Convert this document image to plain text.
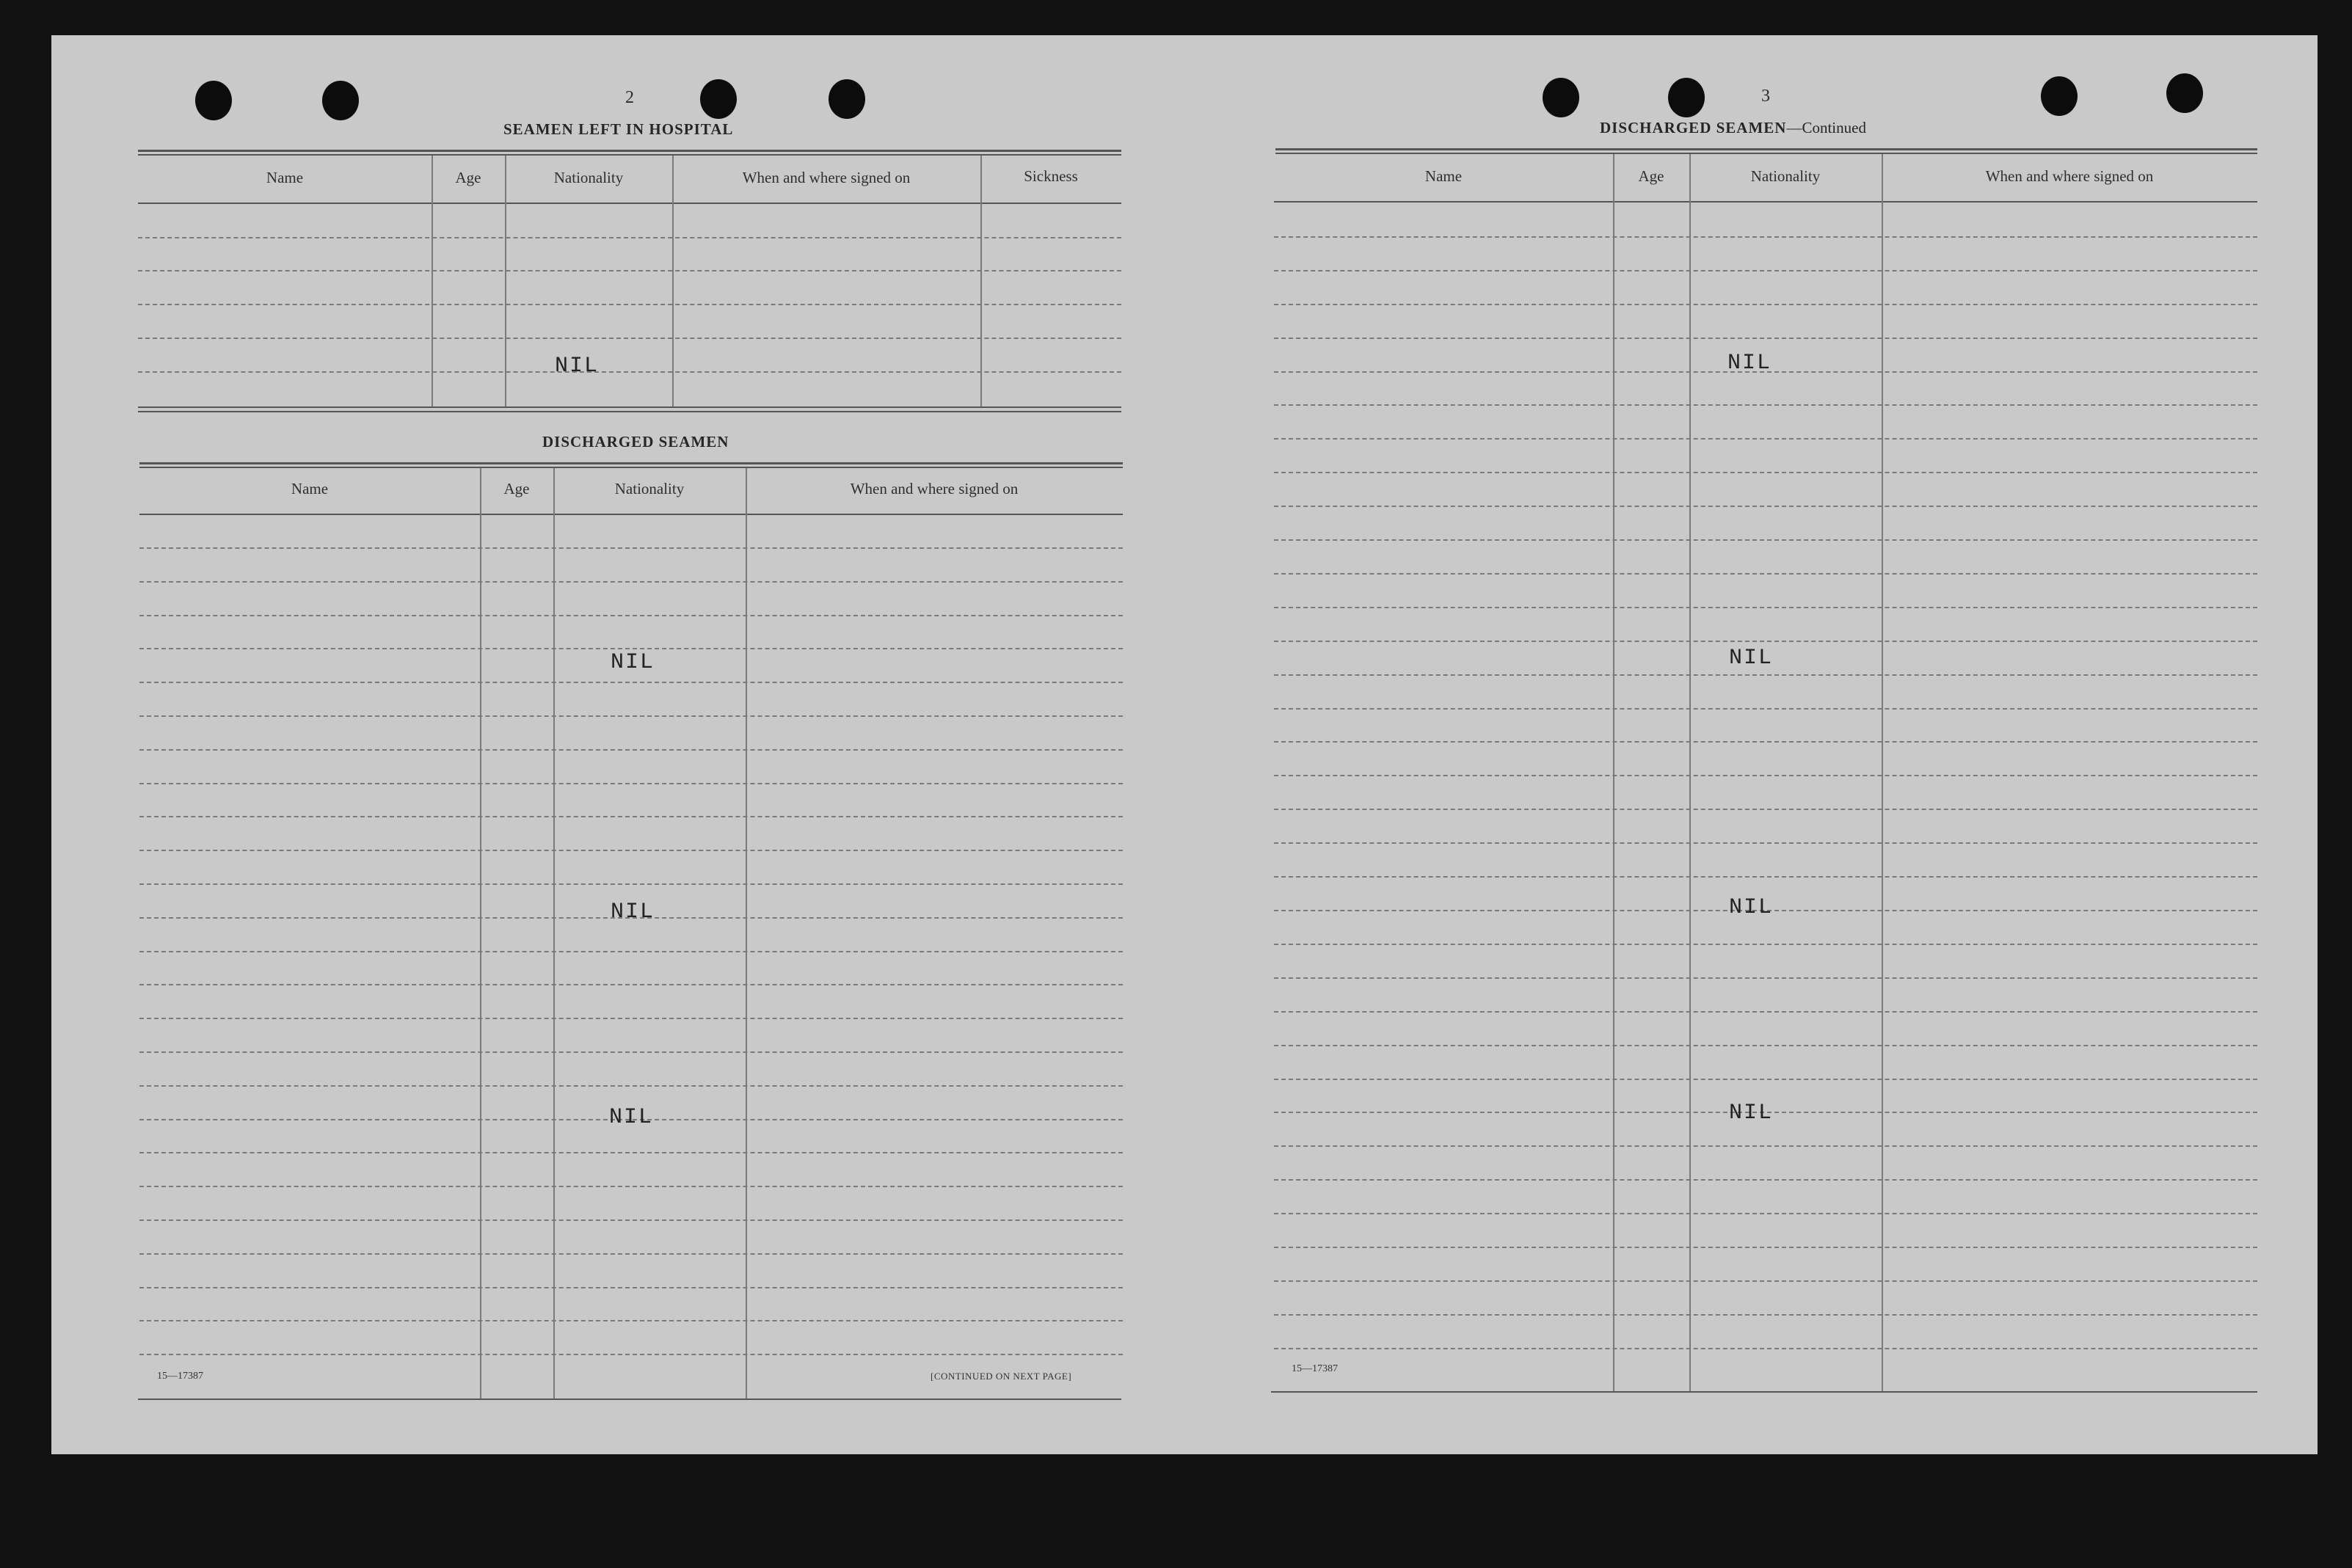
2
SEAMEN LEFT IN HOSPITAL
Name	Age	Nationality	When and where signed on	Sickness
NIL
DISCHARGED SEAMEN
Name	Age	Nationality	When and where signed on
NIL
NIL
NIL
15—17387	[CONTINUED ON NEXT PAGE]
3
DISCHARGED SEAMEN—Continued
Name	Age	Nationality	When and where signed on
NIL
NIL
NIL
NIL
15—17387
